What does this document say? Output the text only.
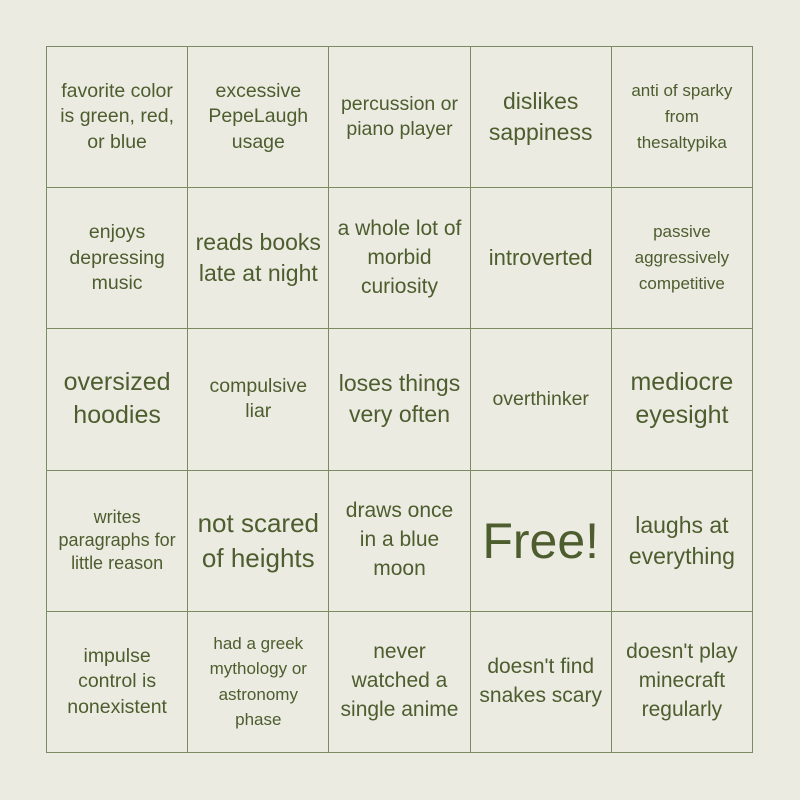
favorite color is green, red, or blue
excessive PepeLaugh usage
percussion or piano player
dislikes sappiness
anti of sparky from thesaltypika
enjoys depressing music
reads books late at night
a whole lot of morbid curiosity
introverted
passive aggressively competitive
oversized hoodies
compulsive liar
loses things very often
overthinker
mediocre eyesight
writes paragraphs for little reason
not scared of heights
draws once in a blue moon	Free!	laughs at everything
impulse control is nonexistent
had a greek mythology or astronomy phase
never watched a single anime
doesn't find snakes scary
doesn't play minecraft regularly
